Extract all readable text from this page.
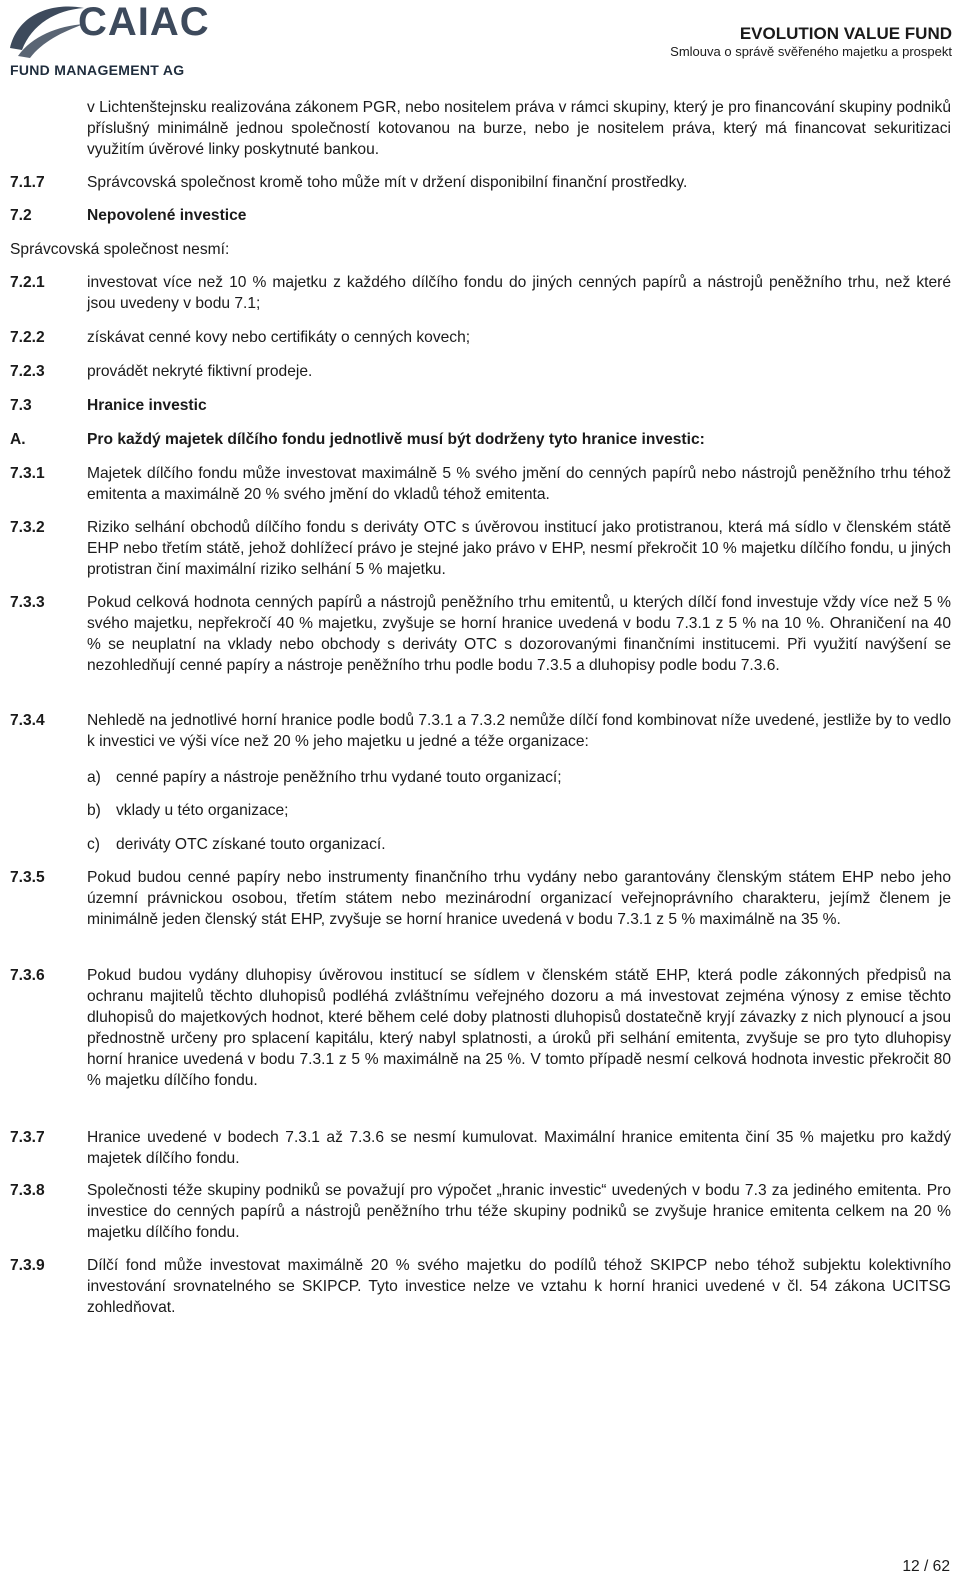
CAIAC
FUND MANAGEMENT AG
EVOLUTION VALUE FUND
Smlouva o správě svěřeného majetku a prospekt
v Lichtenštejnsku realizována zákonem PGR, nebo nositelem práva v rámci skupiny, který je pro financování skupiny podniků příslušný minimálně jednou společností kotovanou na burze, nebo je nositelem práva, který má financovat sekuritizaci využitím úvěrové linky poskytnuté bankou.
7.1.7	Správcovská společnost kromě toho může mít v držení disponibilní finanční prostředky.
7.2	Nepovolené investice
Správcovská společnost nesmí:
7.2.1	investovat více než 10 % majetku z každého dílčího fondu do jiných cenných papírů a nástrojů peněžního trhu, než které jsou uvedeny v bodu 7.1;
7.2.2	získávat cenné kovy nebo certifikáty o cenných kovech;
7.2.3	provádět nekryté fiktivní prodeje.
7.3	Hranice investic
A.	Pro každý majetek dílčího fondu jednotlivě musí být dodrženy tyto hranice investic:
7.3.1	Majetek dílčího fondu může investovat maximálně 5 % svého jmění do cenných papírů nebo nástrojů peněžního trhu téhož emitenta a maximálně 20 % svého jmění do vkladů téhož emitenta.
7.3.2	Riziko selhání obchodů dílčího fondu s deriváty OTC s úvěrovou institucí jako protistranou, která má sídlo v členském státě EHP nebo třetím státě, jehož dohlížecí právo je stejné jako právo v EHP, nesmí překročit 10 % majetku dílčího fondu, u jiných protistran činí maximální riziko selhání 5 % majetku.
7.3.3	Pokud celková hodnota cenných papírů a nástrojů peněžního trhu emitentů, u kterých dílčí fond investuje vždy více než 5 % svého majetku, nepřekročí 40 % majetku, zvyšuje se horní hranice uvedená v bodu 7.3.1 z 5 % na 10 %. Ohraničení na 40 % se neuplatní na vklady nebo obchody s deriváty OTC s dozorovanými finančními institucemi. Při využití navýšení se nezohledňují cenné papíry a nástroje peněžního trhu podle bodu 7.3.5 a dluhopisy podle bodu 7.3.6.
7.3.4	Nehledě na jednotlivé horní hranice podle bodů 7.3.1 a 7.3.2 nemůže dílčí fond kombinovat níže uvedené, jestliže by to vedlo k investici ve výši více než 20 % jeho majetku u jedné a téže organizace:
a) cenné papíry a nástroje peněžního trhu vydané touto organizací;
b) vklady u této organizace;
c) deriváty OTC získané touto organizací.
7.3.5	Pokud budou cenné papíry nebo instrumenty finančního trhu vydány nebo garantovány členským státem EHP nebo jeho územní právnickou osobou, třetím státem nebo mezinárodní organizací veřejnoprávního charakteru, jejímž členem je minimálně jeden členský stát EHP, zvyšuje se horní hranice uvedená v bodu 7.3.1 z 5 % maximálně na 35 %.
7.3.6	Pokud budou vydány dluhopisy úvěrovou institucí se sídlem v členském státě EHP, která podle zákonných předpisů na ochranu majitelů těchto dluhopisů podléhá zvláštnímu veřejného dozoru a má investovat zejména výnosy z emise těchto dluhopisů do majetkových hodnot, které během celé doby platnosti dluhopisů dostatečně kryjí závazky z nich plynoucí a jsou přednostně určeny pro splacení kapitálu, který nabyl splatnosti, a úroků při selhání emitenta, zvyšuje se pro tyto dluhopisy horní hranice uvedená v bodu 7.3.1 z 5 % maximálně na 25 %. V tomto případě nesmí celková hodnota investic překročit 80 % majetku dílčího fondu.
7.3.7	Hranice uvedené v bodech 7.3.1 až 7.3.6 se nesmí kumulovat. Maximální hranice emitenta činí 35 % majetku pro každý majetek dílčího fondu.
7.3.8	Společnosti téže skupiny podniků se považují pro výpočet „hranic investic“ uvedených v bodu 7.3 za jediného emitenta. Pro investice do cenných papírů a nástrojů peněžního trhu téže skupiny podniků se zvyšuje hranice emitenta celkem na 20 % majetku dílčího fondu.
7.3.9	Dílčí fond může investovat maximálně 20 % svého majetku do podílů téhož SKIPCP nebo téhož subjektu kolektivního investování srovnatelného se SKIPCP. Tyto investice nelze ve vztahu k horní hranici uvedené v čl. 54 zákona UCITSG zohledňovat.
12 / 62
